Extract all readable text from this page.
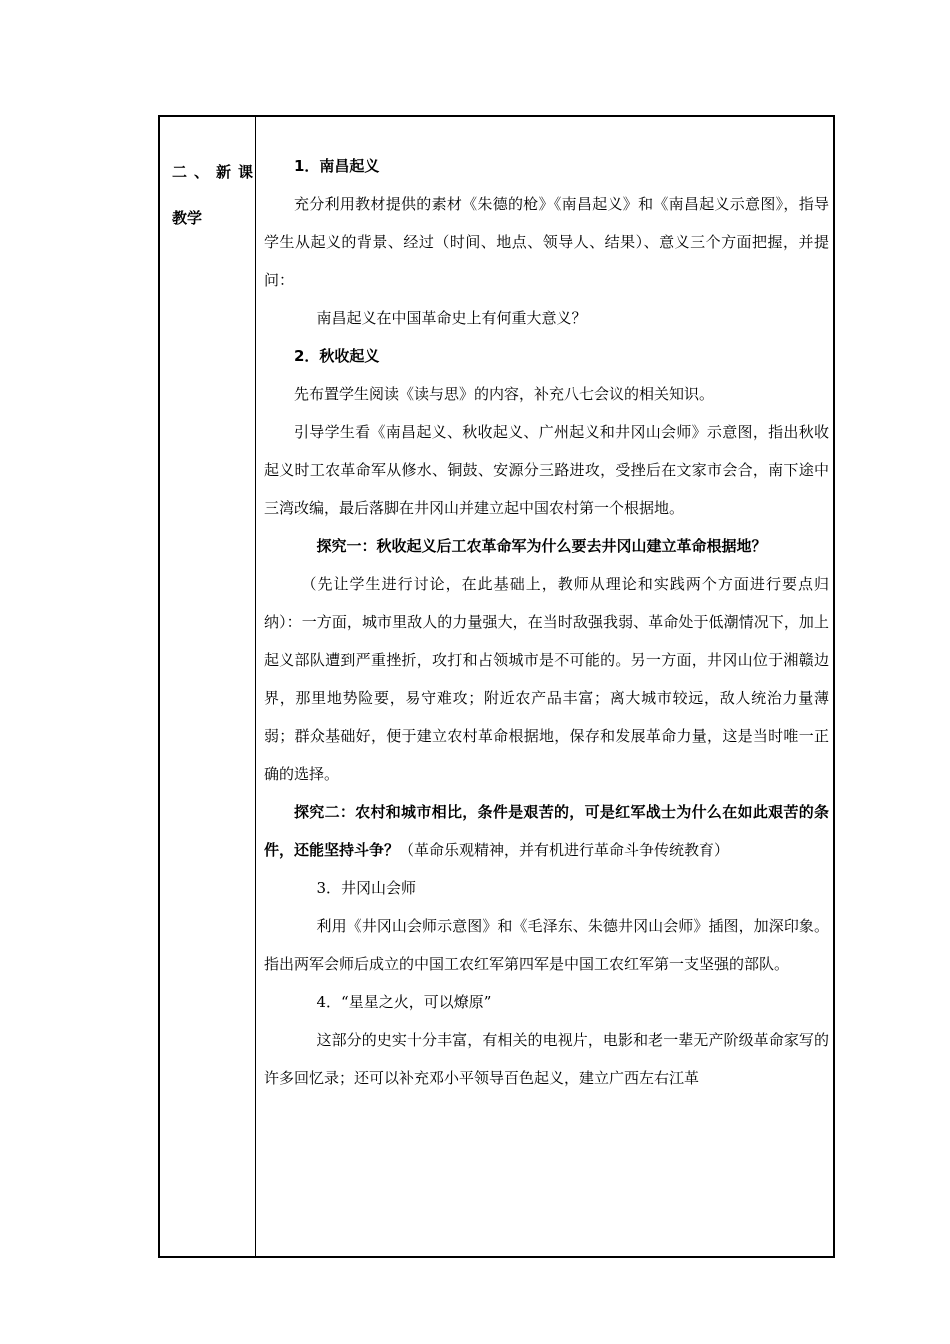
二、新课
教学

1．南昌起义

充分利用教材提供的素材《朱德的枪》《南昌起义》和《南昌起义示意图》，指导学生从起义的背景、经过（时间、地点、领导人、结果）、意义三个方面把握，并提问：

南昌起义在中国革命史上有何重大意义？

2．秋收起义

先布置学生阅读《读与思》的内容，补充八七会议的相关知识。

引导学生看《南昌起义、秋收起义、广州起义和井冈山会师》示意图，指出秋收起义时工农革命军从修水、铜鼓、安源分三路进攻，受挫后在文家市会合，南下途中三湾改编，最后落脚在井冈山并建立起中国农村第一个根据地。

探究一：秋收起义后工农革命军为什么要去井冈山建立革命根据地？

（先让学生进行讨论，在此基础上，教师从理论和实践两个方面进行要点归纳）：一方面，城市里敌人的力量强大，在当时敌强我弱、革命处于低潮情况下，加上起义部队遭到严重挫折，攻打和占领城市是不可能的。另一方面，井冈山位于湘赣边界，那里地势险要，易守难攻；附近农产品丰富；离大城市较远，敌人统治力量薄弱；群众基础好，便于建立农村革命根据地，保存和发展革命力量，这是当时唯一正确的选择。

探究二：农村和城市相比，条件是艰苦的，可是红军战士为什么在如此艰苦的条件，还能坚持斗争？（革命乐观精神，并有机进行革命斗争传统教育）

3．井冈山会师

利用《井冈山会师示意图》和《毛泽东、朱德井冈山会师》插图，加深印象。指出两军会师后成立的中国工农红军第四军是中国工农红军第一支坚强的部队。

4．“星星之火，可以燎原”

这部分的史实十分丰富，有相关的电视片，电影和老一辈无产阶级革命家写的许多回忆录；还可以补充邓小平领导百色起义，建立广西左右江革
